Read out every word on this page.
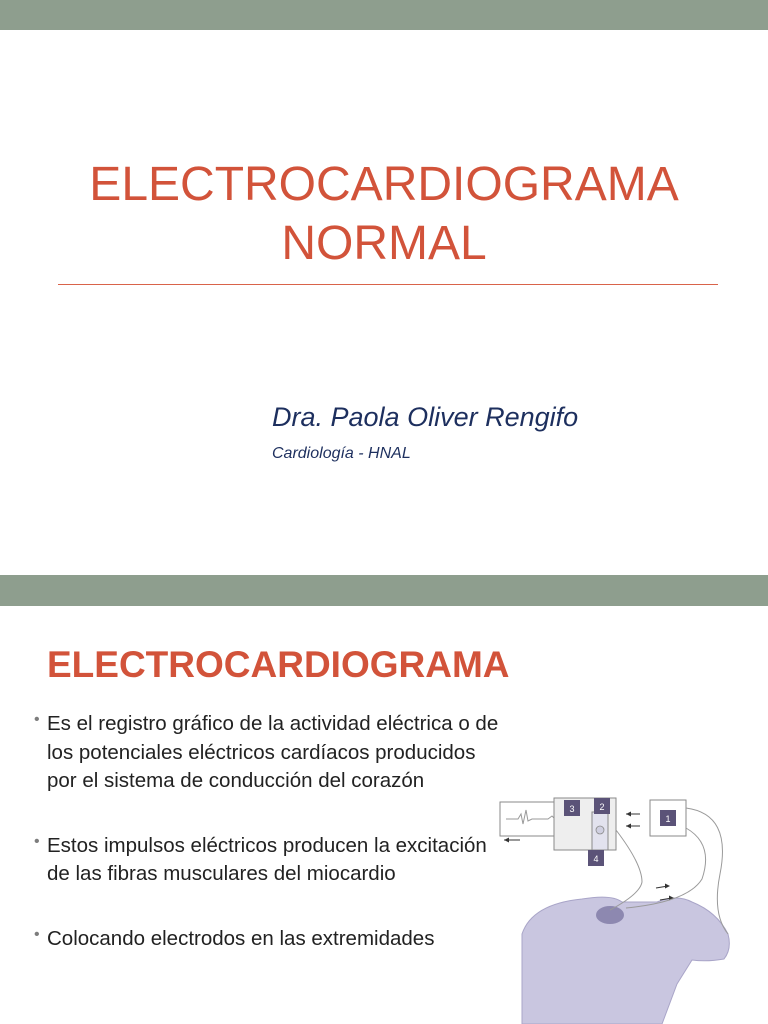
ELECTROCARDIOGRAMA
NORMAL
Dra. Paola Oliver Rengifo
Cardiología - HNAL
ELECTROCARDIOGRAMA
• Es el registro gráfico de la actividad eléctrica o de los potenciales eléctricos cardíacos producidos por el sistema de conducción del corazón
• Estos impulsos eléctricos producen la excitación de las fibras musculares del miocardio
• Colocando electrodos en las extremidades
3	2
1
4
